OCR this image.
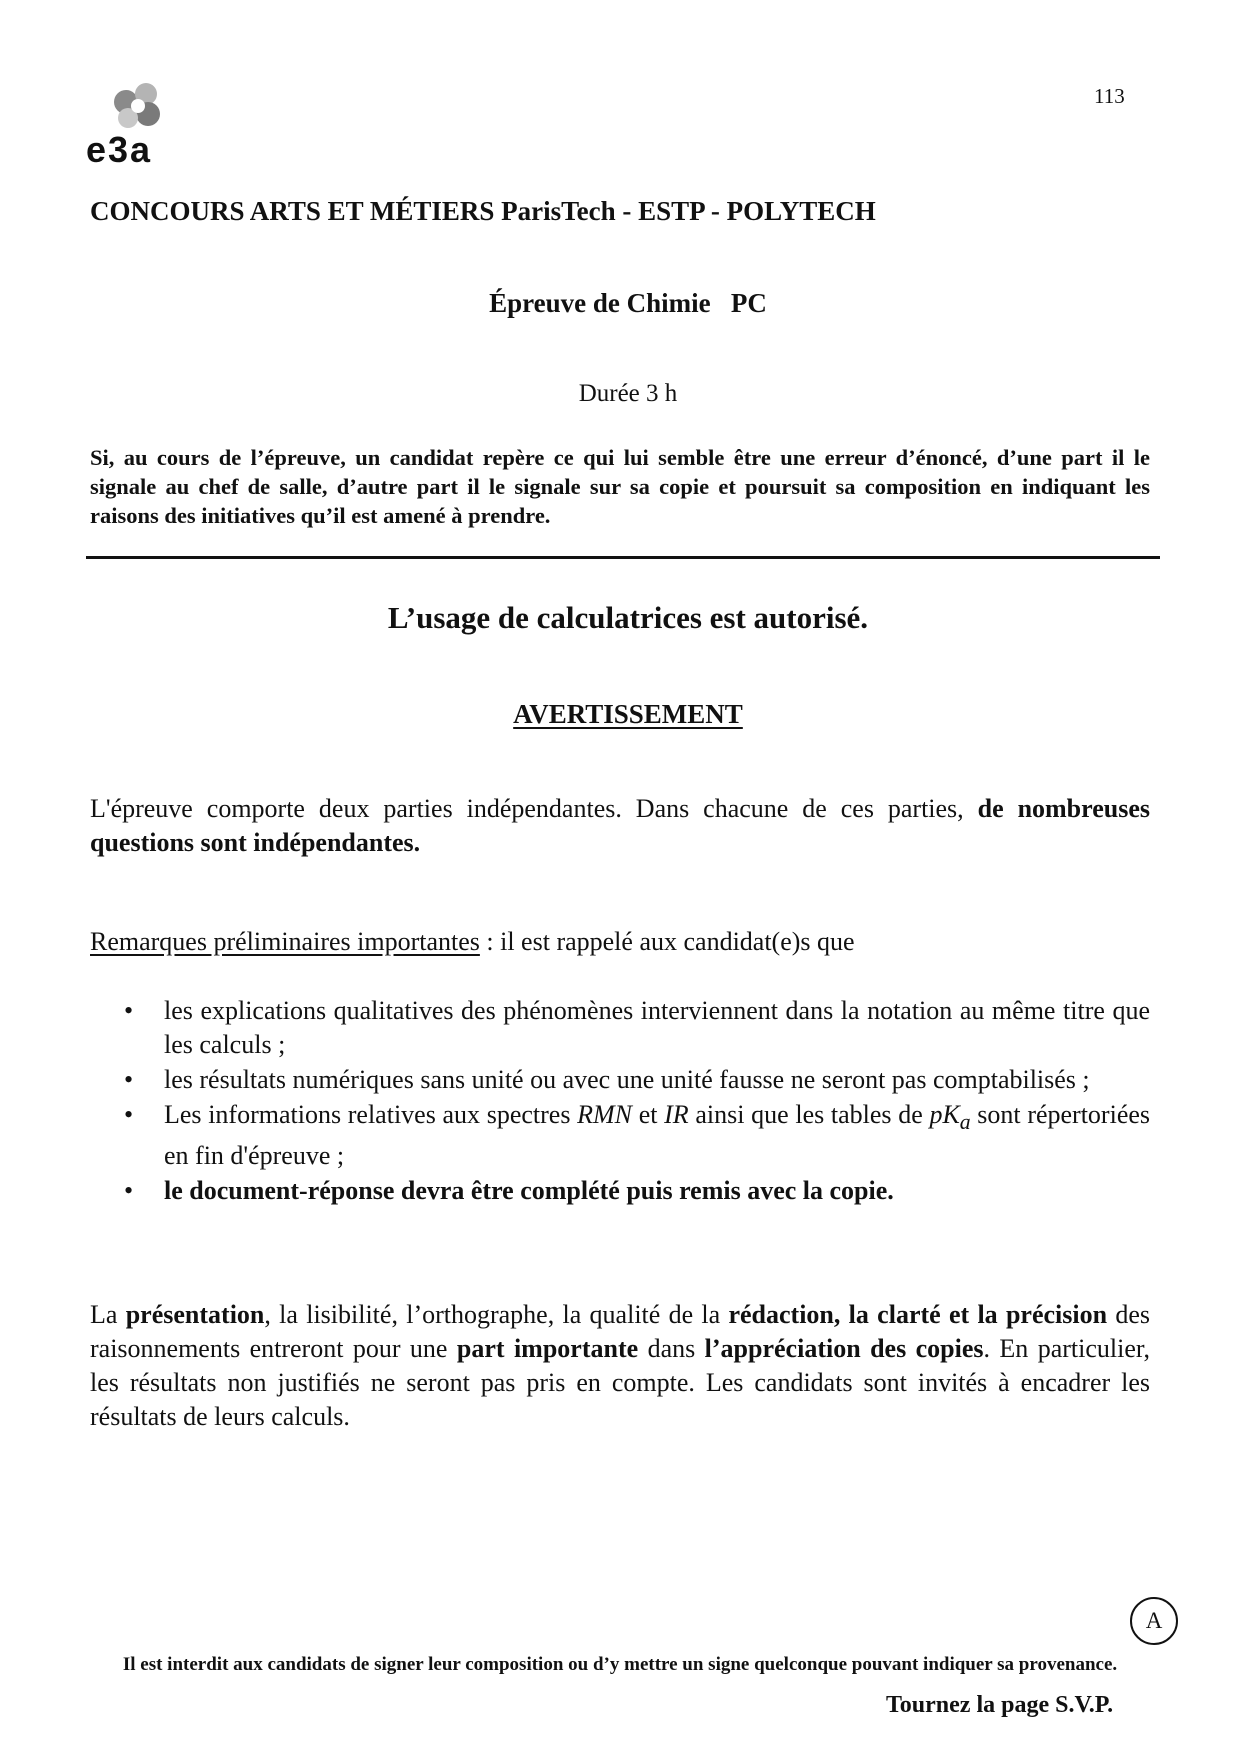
e3a
113
CONCOURS ARTS ET MÉTIERS ParisTech - ESTP - POLYTECH
Épreuve de Chimie   PC
Durée 3 h
Si, au cours de l’épreuve, un candidat repère ce qui lui semble être une erreur d’énoncé, d’une part il le signale au chef de salle, d’autre part il le signale sur sa copie et poursuit sa composition en indiquant les raisons des initiatives qu’il est amené à prendre.
L’usage de calculatrices est autorisé.
AVERTISSEMENT
L'épreuve comporte deux parties indépendantes. Dans chacune de ces parties, de nombreuses questions sont indépendantes.
Remarques préliminaires importantes : il est rappelé aux candidat(e)s que
• les explications qualitatives des phénomènes interviennent dans la notation au même titre que les calculs ;
• les résultats numériques sans unité ou avec une unité fausse ne seront pas comptabilisés ;
• Les informations relatives aux spectres RMN et IR ainsi que les tables de $pK_a$ sont répertoriées en fin d'épreuve ;
• le document-réponse devra être complété puis remis avec la copie.
La présentation, la lisibilité, l’orthographe, la qualité de la rédaction, la clarté et la précision des raisonnements entreront pour une part importante dans l’appréciation des copies. En particulier, les résultats non justifiés ne seront pas pris en compte. Les candidats sont invités à encadrer les résultats de leurs calculs.
A
Il est interdit aux candidats de signer leur composition ou d’y mettre un signe quelconque pouvant indiquer sa provenance.
Tournez la page S.V.P.
